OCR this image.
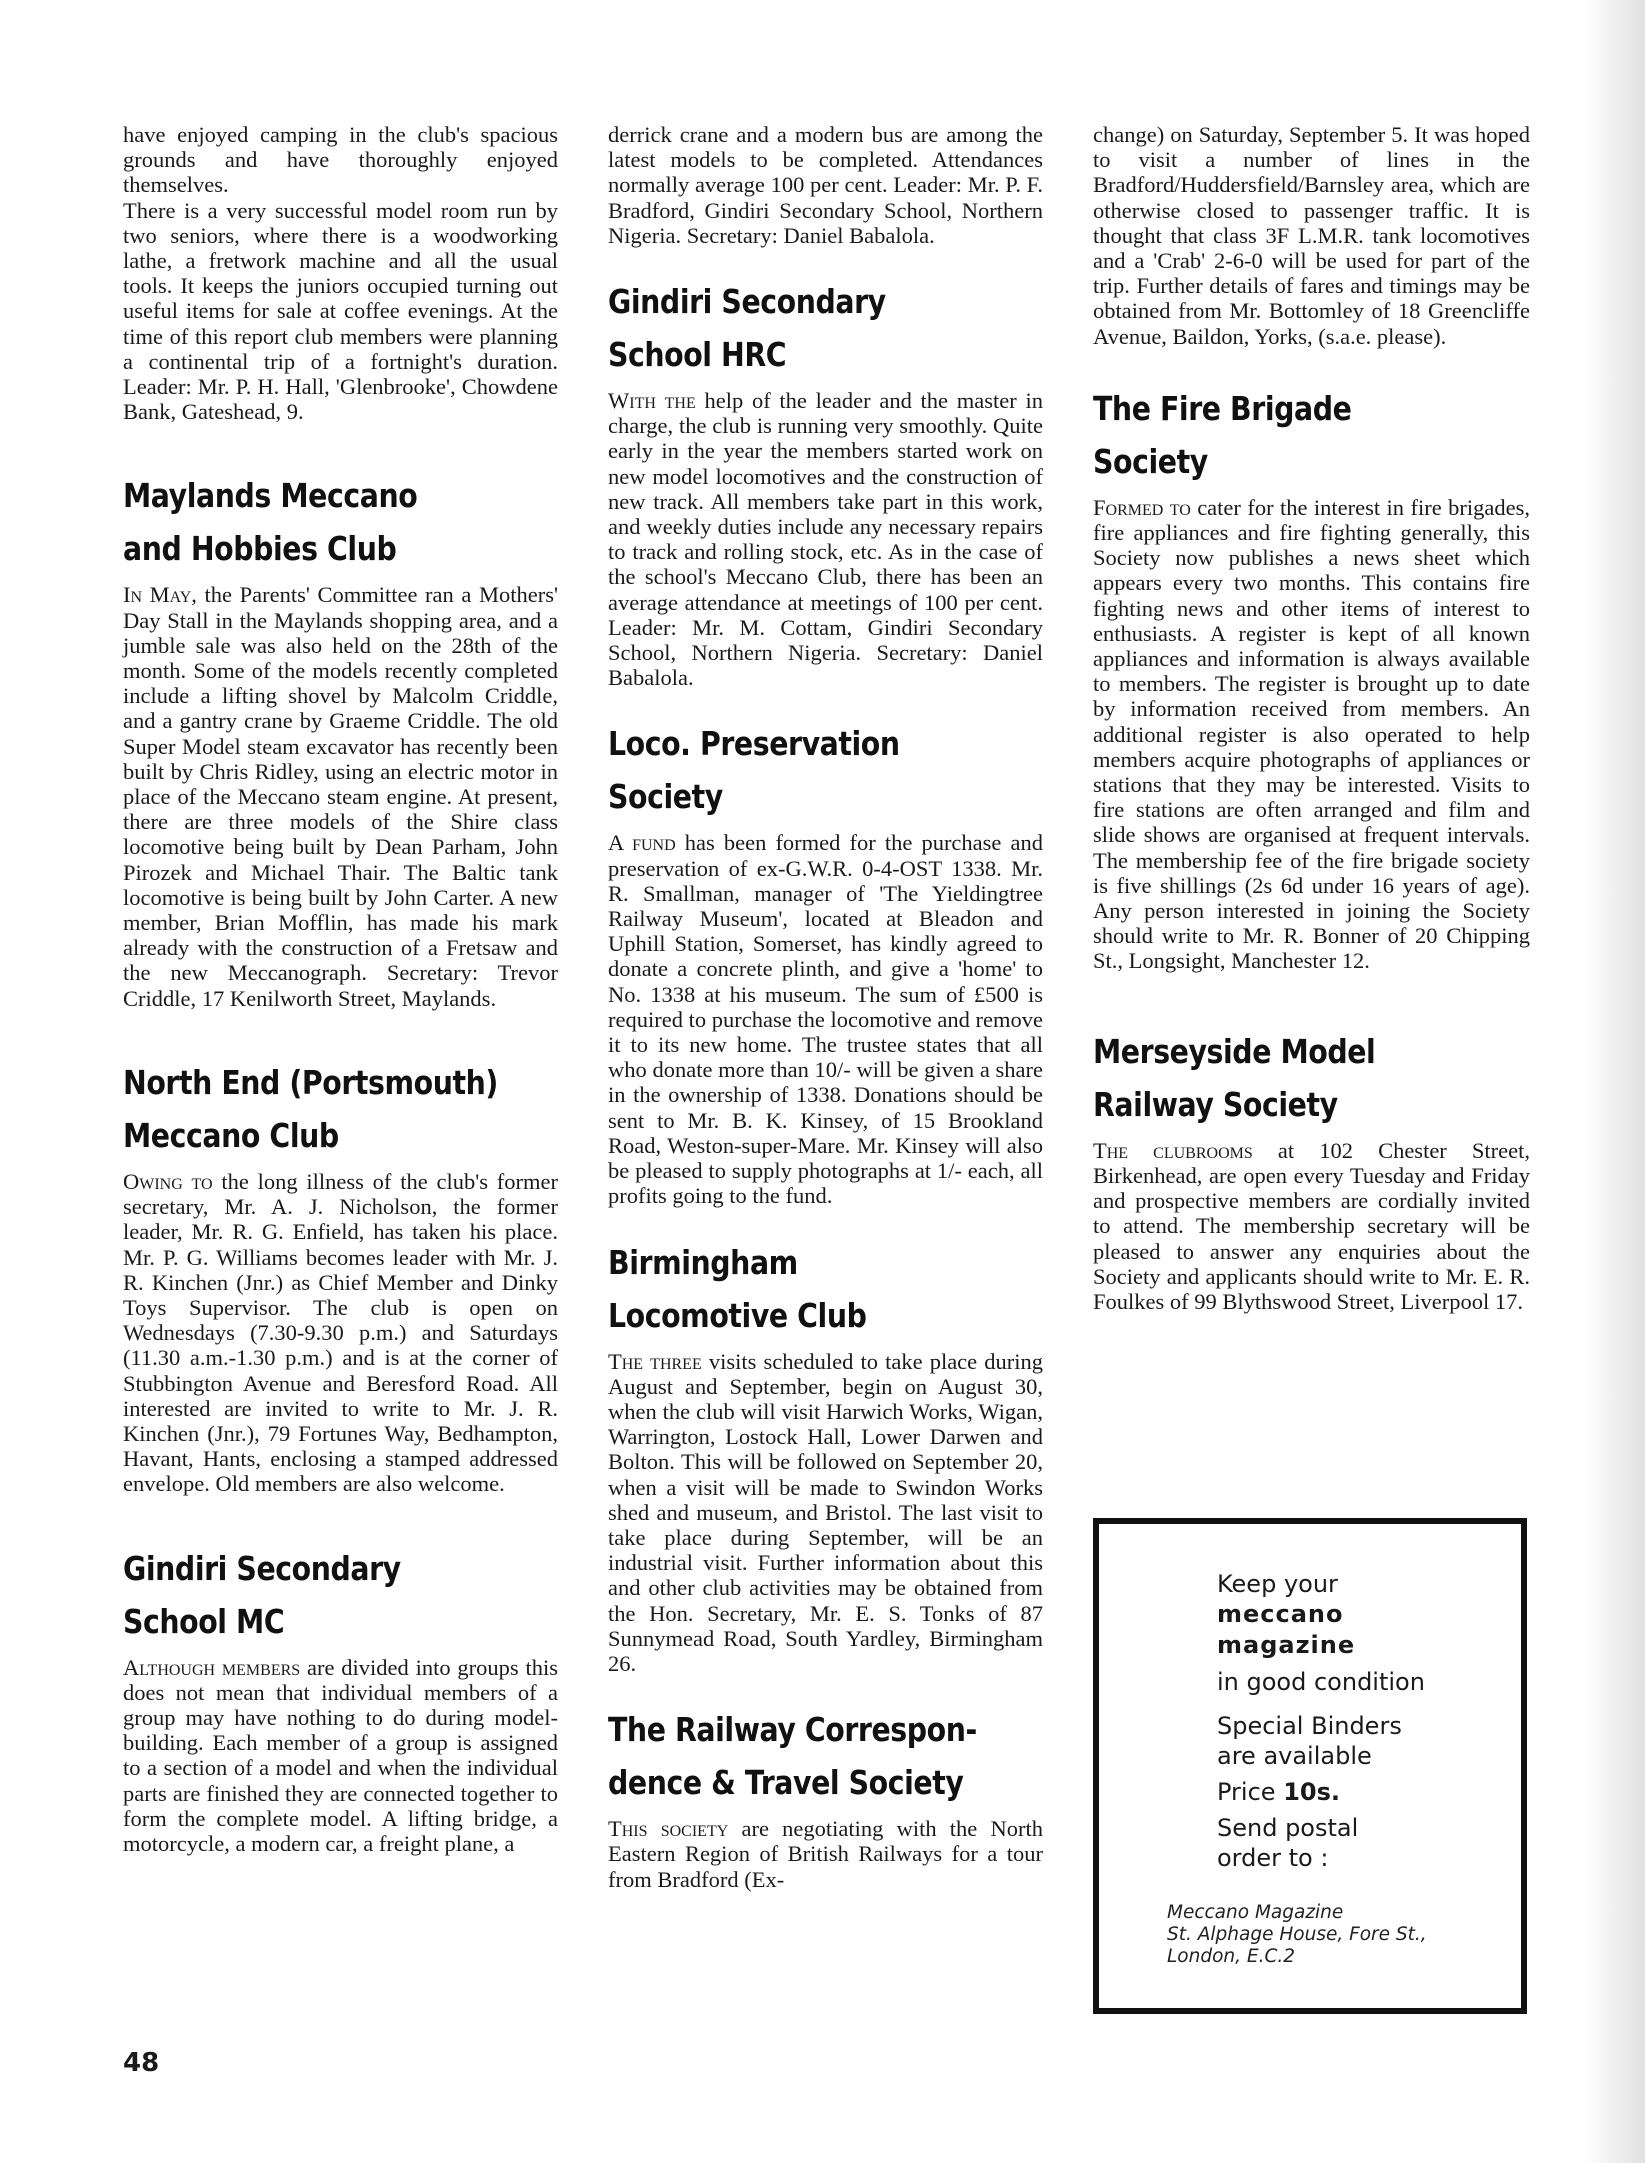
have enjoyed camping in the club's spacious grounds and have thoroughly enjoyed themselves.

There is a very successful model room run by two seniors, where there is a woodworking lathe, a fretwork machine and all the usual tools. It keeps the juniors occupied turning out useful items for sale at coffee evenings. At the time of this report club members were planning a continental trip of a fortnight's duration. Leader: Mr. P. H. Hall, 'Glenbrooke', Chowdene Bank, Gateshead, 9.

Maylands Meccano
and Hobbies Club

In May, the Parents' Committee ran a Mothers' Day Stall in the Maylands shopping area, and a jumble sale was also held on the 28th of the month. Some of the models recently completed include a lifting shovel by Malcolm Criddle, and a gantry crane by Graeme Criddle. The old Super Model steam excavator has recently been built by Chris Ridley, using an electric motor in place of the Meccano steam engine. At present, there are three models of the Shire class locomotive being built by Dean Parham, John Pirozek and Michael Thair. The Baltic tank locomotive is being built by John Carter. A new member, Brian Mofflin, has made his mark already with the construction of a Fretsaw and the new Meccanograph. Secretary: Trevor Criddle, 17 Kenilworth Street, Maylands.

North End (Portsmouth)
Meccano Club

Owing to the long illness of the club's former secretary, Mr. A. J. Nicholson, the former leader, Mr. R. G. Enfield, has taken his place. Mr. P. G. Williams becomes leader with Mr. J. R. Kinchen (Jnr.) as Chief Member and Dinky Toys Supervisor. The club is open on Wednesdays (7.30-9.30 p.m.) and Saturdays (11.30 a.m.-1.30 p.m.) and is at the corner of Stubbington Avenue and Beresford Road. All interested are invited to write to Mr. J. R. Kinchen (Jnr.), 79 Fortunes Way, Bedhampton, Havant, Hants, enclosing a stamped addressed envelope. Old members are also welcome.

Gindiri Secondary
School MC

Although members are divided into groups this does not mean that individual members of a group may have nothing to do during model-building. Each member of a group is assigned to a section of a model and when the individual parts are finished they are connected together to form the complete model. A lifting bridge, a motorcycle, a modern car, a freight plane, a

derrick crane and a modern bus are among the latest models to be completed. Attendances normally average 100 per cent. Leader: Mr. P. F. Bradford, Gindiri Secondary School, Northern Nigeria. Secretary: Daniel Babalola.

Gindiri Secondary
School HRC

With the help of the leader and the master in charge, the club is running very smoothly. Quite early in the year the members started work on new model locomotives and the construction of new track. All members take part in this work, and weekly duties include any necessary repairs to track and rolling stock, etc. As in the case of the school's Meccano Club, there has been an average attendance at meetings of 100 per cent. Leader: Mr. M. Cottam, Gindiri Secondary School, Northern Nigeria. Secretary: Daniel Babalola.

Loco. Preservation
Society

A fund has been formed for the purchase and preservation of ex-G.W.R. 0-4-OST 1338. Mr. R. Smallman, manager of 'The Yieldingtree Railway Museum', located at Bleadon and Uphill Station, Somerset, has kindly agreed to donate a concrete plinth, and give a 'home' to No. 1338 at his museum. The sum of £500 is required to purchase the locomotive and remove it to its new home. The trustee states that all who donate more than 10/- will be given a share in the ownership of 1338. Donations should be sent to Mr. B. K. Kinsey, of 15 Brookland Road, Weston-super-Mare. Mr. Kinsey will also be pleased to supply photographs at 1/- each, all profits going to the fund.

Birmingham
Locomotive Club

The three visits scheduled to take place during August and September, begin on August 30, when the club will visit Harwich Works, Wigan, Warrington, Lostock Hall, Lower Darwen and Bolton. This will be followed on September 20, when a visit will be made to Swindon Works shed and museum, and Bristol. The last visit to take place during September, will be an industrial visit. Further information about this and other club activities may be obtained from the Hon. Secretary, Mr. E. S. Tonks of 87 Sunnymead Road, South Yardley, Birmingham 26.

The Railway Correspon-
dence & Travel Society

This society are negotiating with the North Eastern Region of British Railways for a tour from Bradford (Ex-

change) on Saturday, September 5. It was hoped to visit a number of lines in the Bradford/Huddersfield/Barnsley area, which are otherwise closed to passenger traffic. It is thought that class 3F L.M.R. tank locomotives and a 'Crab' 2-6-0 will be used for part of the trip. Further details of fares and timings may be obtained from Mr. Bottomley of 18 Greencliffe Avenue, Baildon, Yorks, (s.a.e. please).

The Fire Brigade
Society

Formed to cater for the interest in fire brigades, fire appliances and fire fighting generally, this Society now publishes a news sheet which appears every two months. This contains fire fighting news and other items of interest to enthusiasts. A register is kept of all known appliances and information is always available to members. The register is brought up to date by information received from members. An additional register is also operated to help members acquire photographs of appliances or stations that they may be interested. Visits to fire stations are often arranged and film and slide shows are organised at frequent intervals. The membership fee of the fire brigade society is five shillings (2s 6d under 16 years of age). Any person interested in joining the Society should write to Mr. R. Bonner of 20 Chipping St., Longsight, Manchester 12.

Merseyside Model
Railway Society

The clubrooms at 102 Chester Street, Birkenhead, are open every Tuesday and Friday and prospective members are cordially invited to attend. The membership secretary will be pleased to answer any enquiries about the Society and applicants should write to Mr. E. R. Foulkes of 99 Blythswood Street, Liverpool 17.

Keep your

meccano

magazine

in good condition

Special Binders

are available

Price 10s.

Send postal

order to :

Meccano Magazine
St. Alphage House, Fore St.,
London, E.C.2
48
